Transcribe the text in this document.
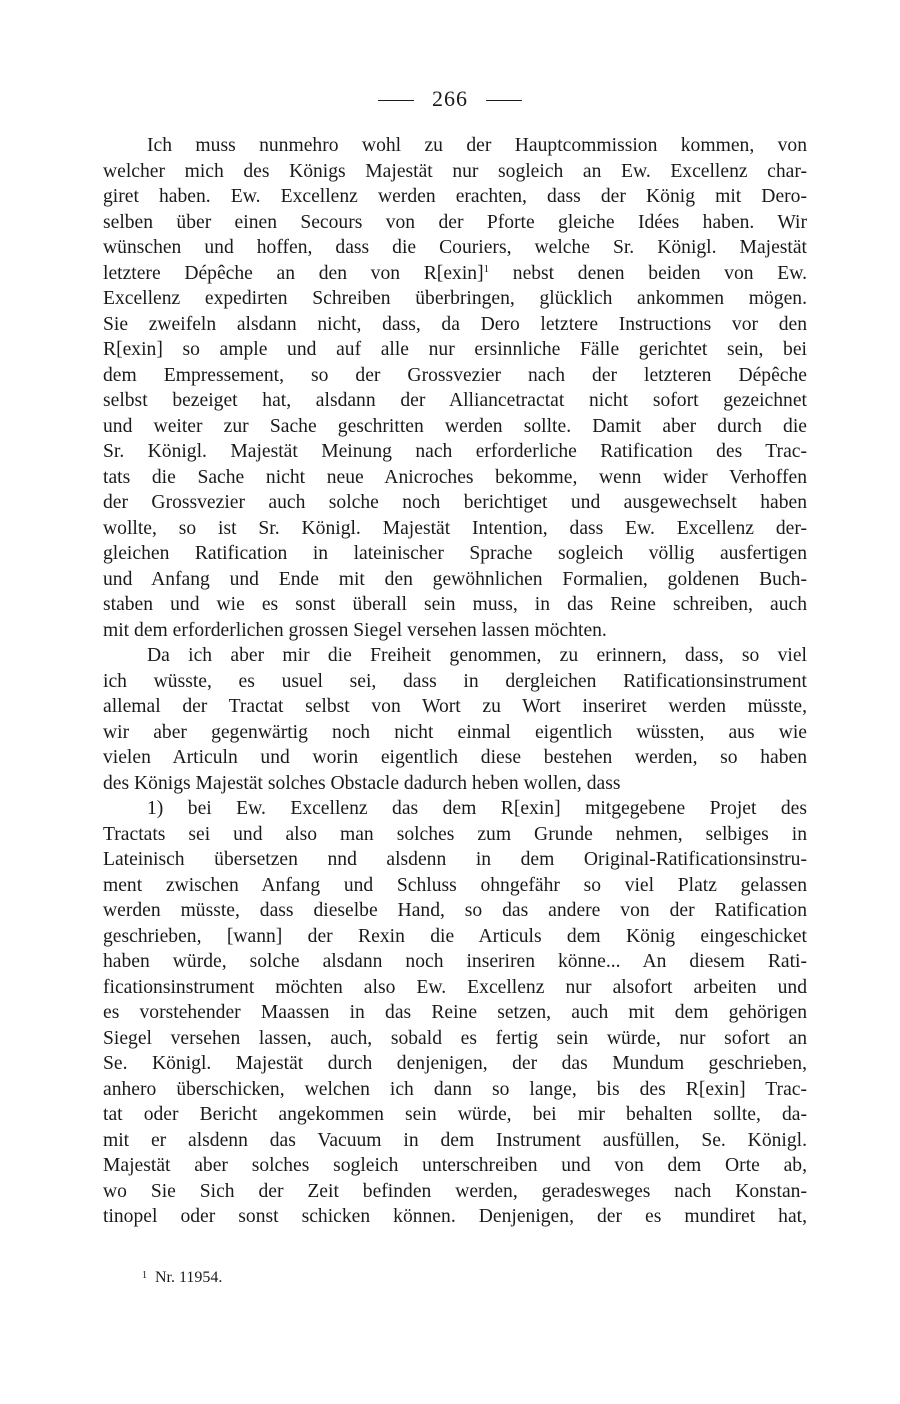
266
Ich muss nunmehro wohl zu der Hauptcommission kommen, von
welcher mich des Königs Majestät nur sogleich an Ew. Excellenz char-
giret haben. Ew. Excellenz werden erachten, dass der König mit Dero-
selben über einen Secours von der Pforte gleiche Idées haben. Wir
wünschen und hoffen, dass die Couriers, welche Sr. Königl. Majestät
letztere Dépêche an den von R[exin]$^1$ nebst denen beiden von Ew.
Excellenz expedirten Schreiben überbringen, glücklich ankommen mögen.
Sie zweifeln alsdann nicht, dass, da Dero letztere Instructions vor den
R[exin] so ample und auf alle nur ersinnliche Fälle gerichtet sein, bei
dem Empressement, so der Grossvezier nach der letzteren Dépêche
selbst bezeiget hat, alsdann der Alliancetractat nicht sofort gezeichnet
und weiter zur Sache geschritten werden sollte. Damit aber durch die
Sr. Königl. Majestät Meinung nach erforderliche Ratification des Trac-
tats die Sache nicht neue Anicroches bekomme, wenn wider Verhoffen
der Grossvezier auch solche noch berichtiget und ausgewechselt haben
wollte, so ist Sr. Königl. Majestät Intention, dass Ew. Excellenz der-
gleichen Ratification in lateinischer Sprache sogleich völlig ausfertigen
und Anfang und Ende mit den gewöhnlichen Formalien, goldenen Buch-
staben und wie es sonst überall sein muss, in das Reine schreiben, auch
mit dem erforderlichen grossen Siegel versehen lassen möchten.
Da ich aber mir die Freiheit genommen, zu erinnern, dass, so viel
ich wüsste, es usuel sei, dass in dergleichen Ratificationsinstrument
allemal der Tractat selbst von Wort zu Wort inseriret werden müsste,
wir aber gegenwärtig noch nicht einmal eigentlich wüssten, aus wie
vielen Articuln und worin eigentlich diese bestehen werden, so haben
des Königs Majestät solches Obstacle dadurch heben wollen, dass
1) bei Ew. Excellenz das dem R[exin] mitgegebene Projet des
Tractats sei und also man solches zum Grunde nehmen, selbiges in
Lateinisch übersetzen nnd alsdenn in dem Original-Ratificationsinstru-
ment zwischen Anfang und Schluss ohngefähr so viel Platz gelassen
werden müsste, dass dieselbe Hand, so das andere von der Ratification
geschrieben, [wann] der Rexin die Articuls dem König eingeschicket
haben würde, solche alsdann noch inseriren könne... An diesem Rati-
ficationsinstrument möchten also Ew. Excellenz nur alsofort arbeiten und
es vorstehender Maassen in das Reine setzen, auch mit dem gehörigen
Siegel versehen lassen, auch, sobald es fertig sein würde, nur sofort an
Se. Königl. Majestät durch denjenigen, der das Mundum geschrieben,
anhero überschicken, welchen ich dann so lange, bis des R[exin] Trac-
tat oder Bericht angekommen sein würde, bei mir behalten sollte, da-
mit er alsdenn das Vacuum in dem Instrument ausfüllen, Se. Königl.
Majestät aber solches sogleich unterschreiben und von dem Orte ab,
wo Sie Sich der Zeit befinden werden, geradesweges nach Konstan-
tinopel oder sonst schicken können. Denjenigen, der es mundiret hat,
$^1$ Nr. 11954.
